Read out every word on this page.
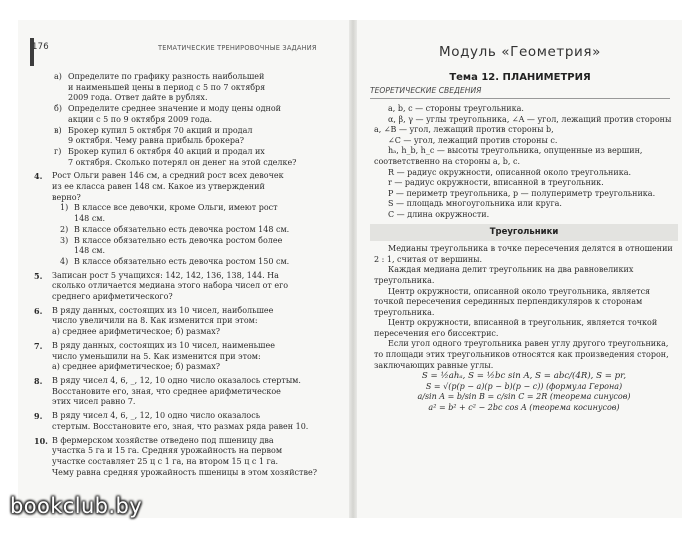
176	ТЕМАТИЧЕСКИЕ ТРЕНИРОВОЧНЫЕ ЗАДАНИЯ
а) Определите по графику разность наибольшей
и наименьшей цены в период с 5 по 7 октября
2009 года. Ответ дайте в рублях.
б) Определите среднее значение и моду цены одной
акции с 5 по 9 октября 2009 года.
в) Брокер купил 5 октября 70 акций и продал
9 октября. Чему равна прибыль брокера?
г) Брокер купил 6 октября 40 акций и продал их
7 октября. Сколько потерял он денег на этой сделке?
4. Рост Ольги равен 146 см, а средний рост всех девочек
из ее класса равен 148 см. Какое из утверждений
верно?
1) В классе все девочки, кроме Ольги, имеют рост
148 см.
2) В классе обязательно есть девочка ростом 148 см.
3) В классе обязательно есть девочка ростом более
148 см.
4) В классе обязательно есть девочка ростом 150 см.
5. Записан рост 5 учащихся: 142, 142, 136, 138, 144. На
сколько отличается медиана этого набора чисел от его
среднего арифметического?
6. В ряду данных, состоящих из 10 чисел, наибольшее
число увеличили на 8. Как изменится при этом:
а) среднее арифметическое; б) размах?
7. В ряду данных, состоящих из 10 чисел, наименьшее
число уменьшили на 5. Как изменится при этом:
а) среднее арифметическое; б) размах?
8. В ряду чисел 4, 6, _, 12, 10 одно число оказалось стертым.
Восстановите его, зная, что среднее арифметическое
этих чисел равно 7.
9. В ряду чисел 4, 6, _, 12, 10 одно число оказалось
стертым. Восстановите его, зная, что размах ряда равен 10.
10. В фермерском хозяйстве отведено под пшеницу два
участка 5 га и 15 га. Средняя урожайность на первом
участке составляет 25 ц с 1 га, на втором 15 ц с 1 га.
Чему равна средняя урожайность пшеницы в этом хозяйстве?
Модуль «Геометрия»
Тема 12. ПЛАНИМЕТРИЯ
ТЕОРЕТИЧЕСКИЕ СВЕДЕНИЯ

a, b, c — стороны треугольника.

α, β, γ — углы треугольника, ∠A — угол, лежащий против стороны a, ∠B — угол, лежащий против стороны b,

∠C — угол, лежащий против стороны c.

hₐ, h_b, h_c — высоты треугольника, опущенные из вершин, соответственно на стороны a, b, c.

R — радиус окружности, описанной около треугольника.

r — радиус окружности, вписанной в треугольник.

P — периметр треугольника, p — полупериметр треугольника.

S — площадь многоугольника или круга.

C — длина окружности.

Треугольники

Медианы треугольника в точке пересечения делятся в отношении 2 : 1, считая от вершины.

Каждая медиана делит треугольник на два равновеликих треугольника.

Центр окружности, описанной около треугольника, является точкой пересечения серединных перпендикуляров к сторонам треугольника.

Центр окружности, вписанной в треугольник, является точкой пересечения его биссектрис.

Если угол одного треугольника равен углу другого треугольника, то площади этих треугольников относятся как произведения сторон, заключающих равные углы.

S = ½ahₐ, S = ½bc sin A, S = abc/(4R), S = pr,

S = √(p(p − a)(p − b)(p − c)) (формула Герона)

a/sin A = b/sin B = c/sin C = 2R (теорема синусов)

a² = b² + c² − 2bc cos A (теорема косинусов)

bookclub.by
